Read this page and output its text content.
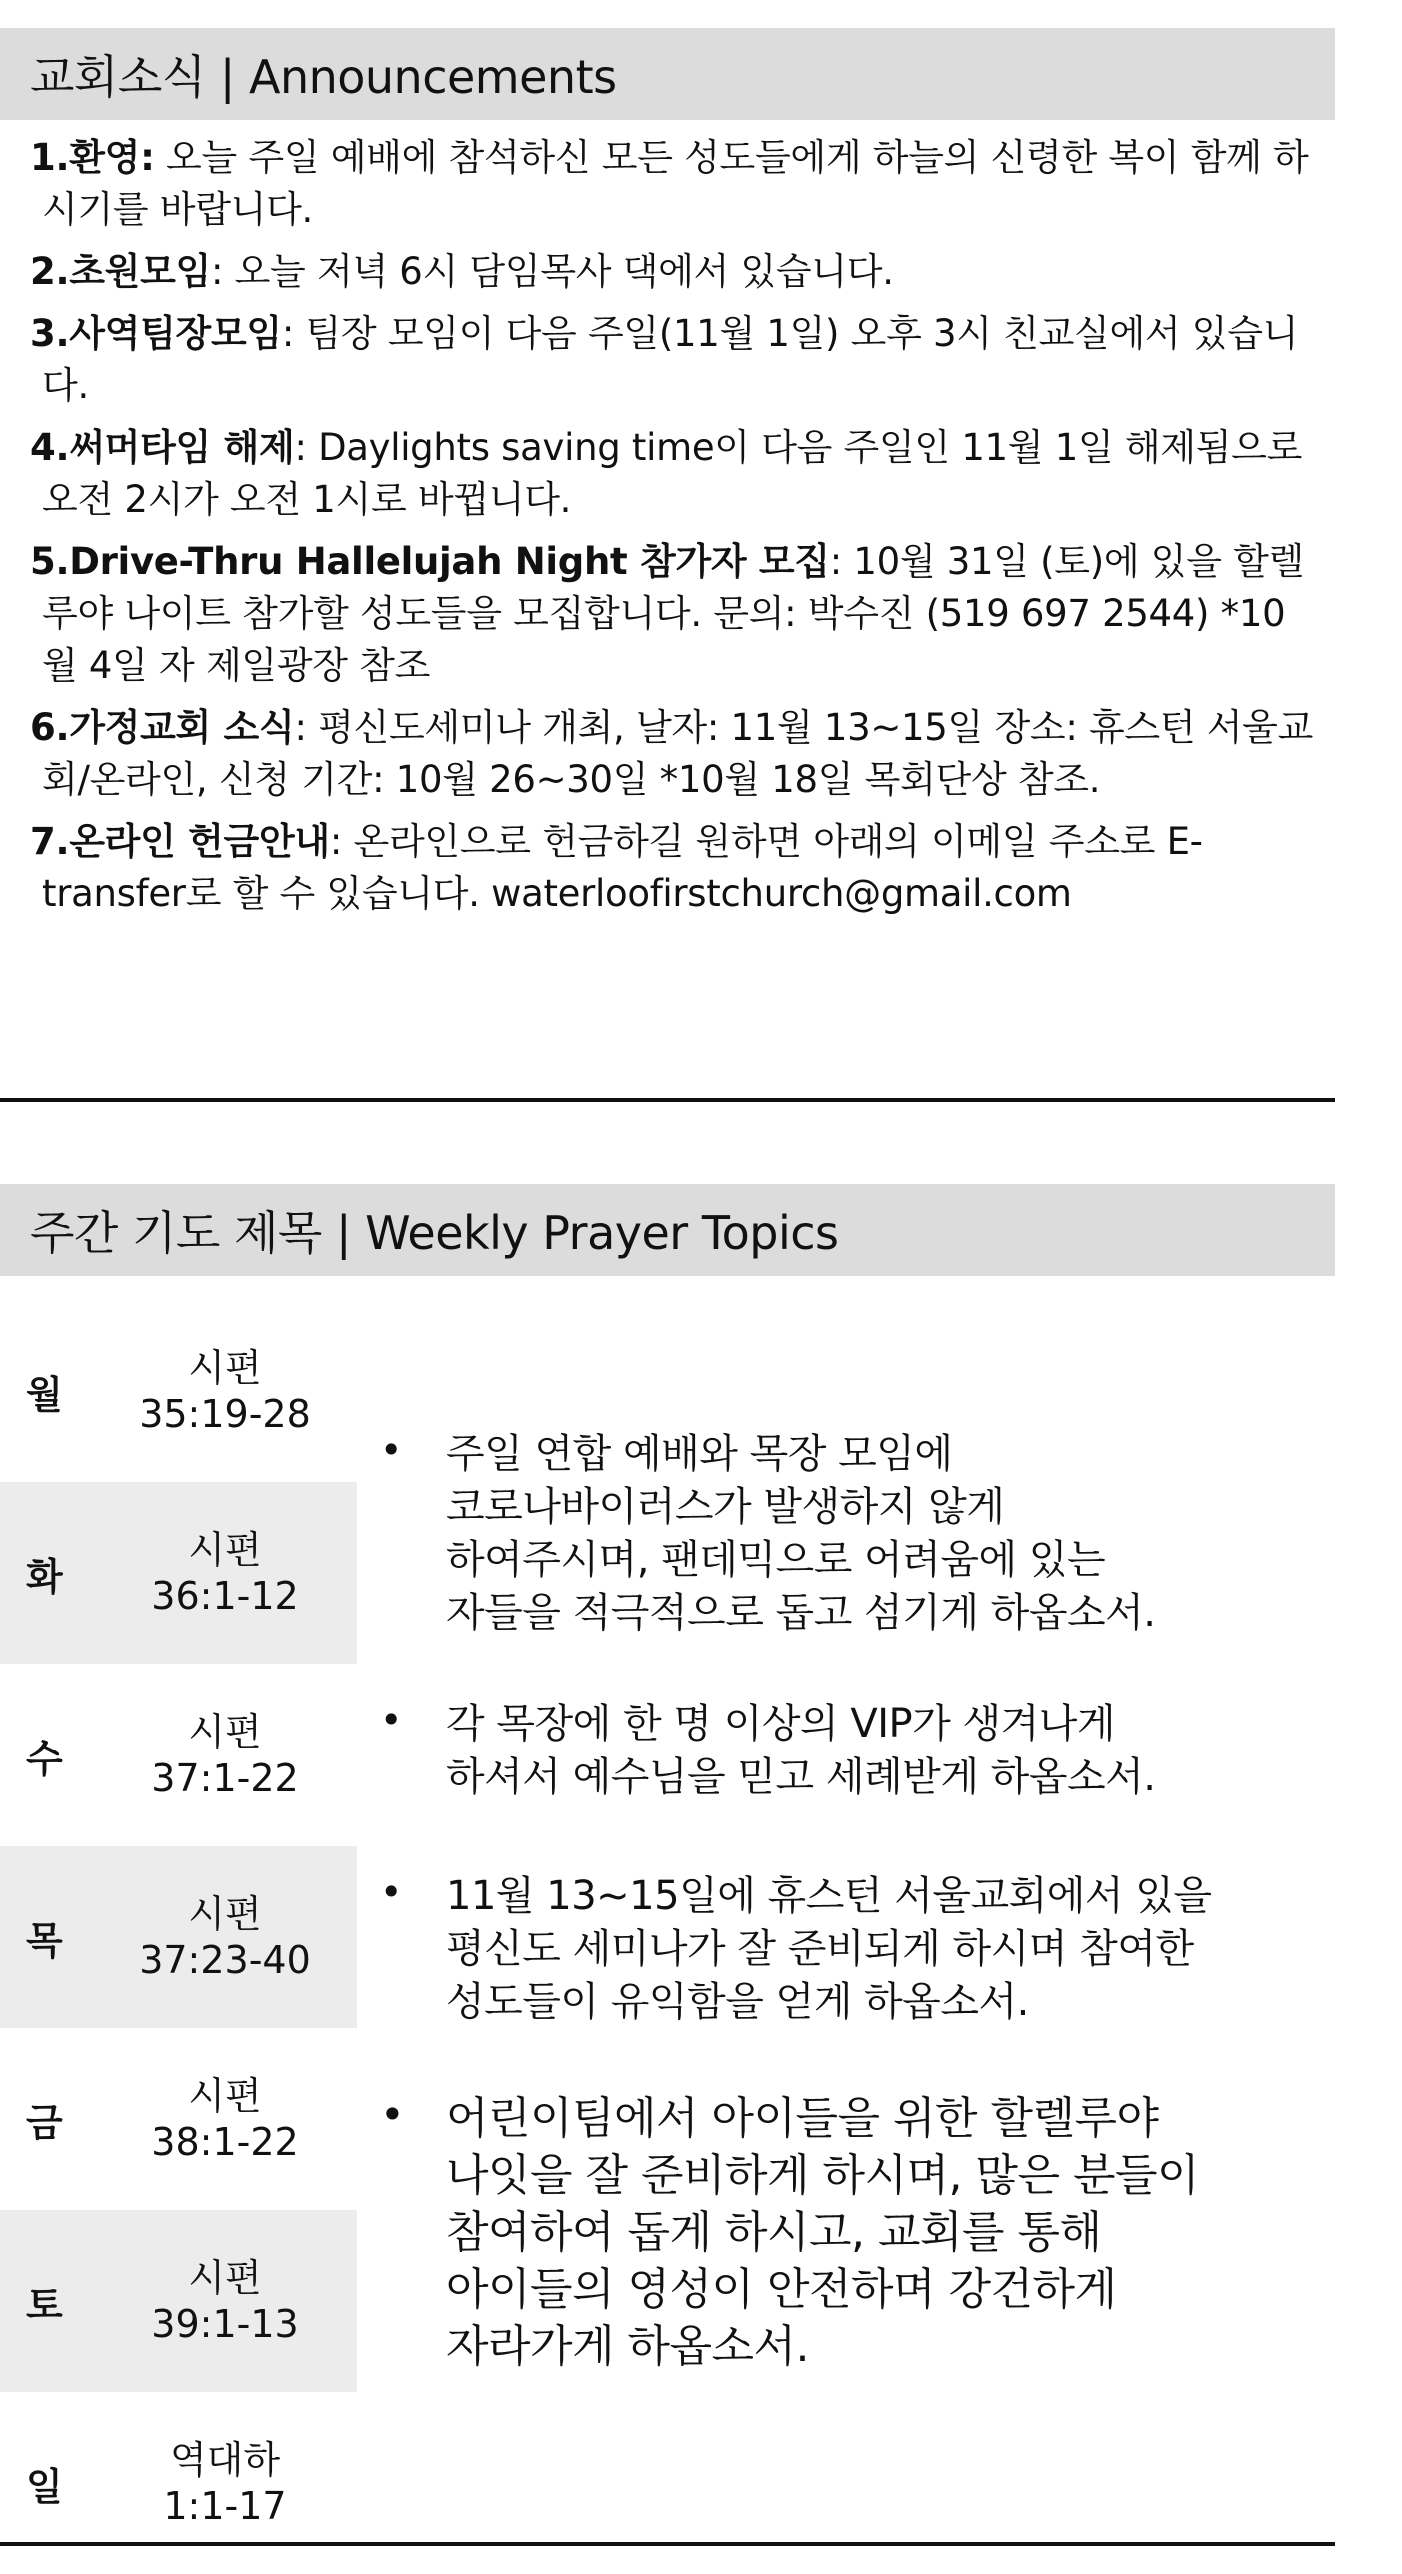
교회소식 | Announcements
1.환영: 오늘 주일 예배에 참석하신 모든 성도들에게 하늘의 신령한 복이 함께 하시기를 바랍니다.
2.초원모임: 오늘 저녁 6시 담임목사 댁에서 있습니다.
3.사역팀장모임: 팀장 모임이 다음 주일(11월 1일) 오후 3시 친교실에서 있습니다.
4.써머타임 해제: Daylights saving time이 다음 주일인 11월 1일 해제됨으로 오전 2시가 오전 1시로 바뀝니다.
5.Drive-Thru Hallelujah Night 참가자 모집: 10월 31일 (토)에 있을 할렐루야 나이트 참가할 성도들을 모집합니다. 문의: 박수진 (519 697 2544) *10월 4일 자 제일광장 참조
6.가정교회 소식: 평신도세미나 개최, 날자: 11월 13~15일 장소: 휴스턴 서울교회/온라인, 신청 기간: 10월 26~30일 *10월 18일 목회단상 참조.
7.온라인 헌금안내: 온라인으로 헌금하길 원하면 아래의 이메일 주소로 E-transfer로 할 수 있습니다. waterloofirstchurch@gmail.com
주간 기도 제목 | Weekly Prayer Topics
월
시편
35:19-28
화
시편
36:1-12
수
시편
37:1-22
목
시편
37:23-40
금
시편
38:1-22
토
시편
39:1-13
일
역대하
1:1-17
• 주일 연합 예배와 목장 모임에
코로나바이러스가 발생하지 않게
하여주시며, 팬데믹으로 어려움에 있는
자들을 적극적으로 돕고 섬기게 하옵소서.
• 각 목장에 한 명 이상의 VIP가 생겨나게
하셔서 예수님을 믿고 세례받게 하옵소서.
• 11월 13~15일에 휴스턴 서울교회에서 있을
평신도 세미나가 잘 준비되게 하시며 참여한
성도들이 유익함을 얻게 하옵소서.
• 어린이팀에서 아이들을 위한 할렐루야
나잇을 잘 준비하게 하시며, 많은 분들이
참여하여 돕게 하시고, 교회를 통해
아이들의 영성이 안전하며 강건하게
자라가게 하옵소서.
